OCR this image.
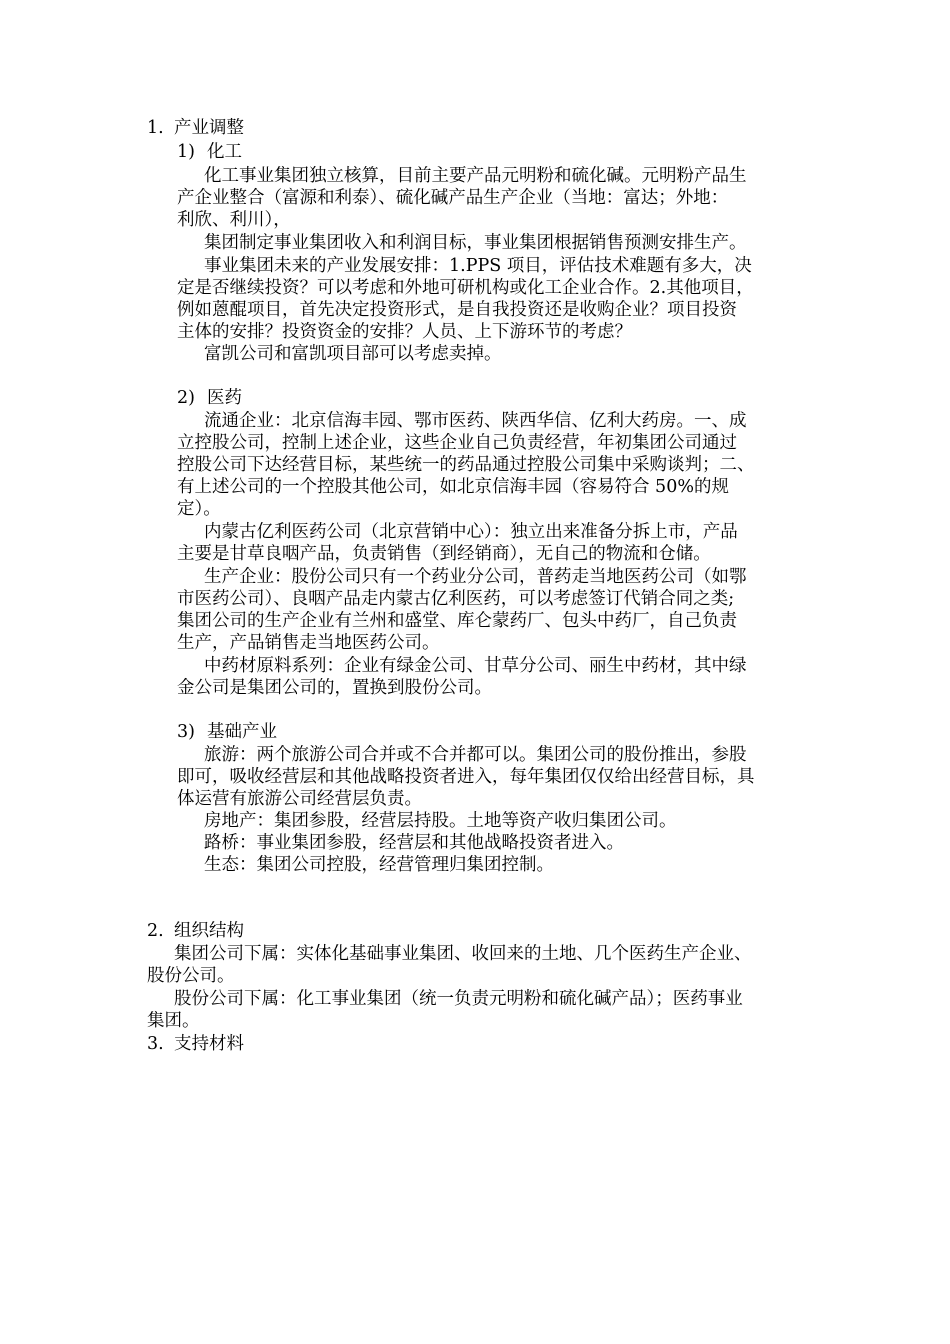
1. 产业调整
1) 化工
化工事业集团独立核算，目前主要产品元明粉和硫化碱。元明粉产品生
产企业整合（富源和利泰）、硫化碱产品生产企业（当地：富达；外地：
利欣、利川），
集团制定事业集团收入和利润目标，事业集团根据销售预测安排生产。
事业集团未来的产业发展安排：1.PPS 项目，评估技术难题有多大，决
定是否继续投资？可以考虑和外地可研机构或化工企业合作。2.其他项目，
例如蒽醌项目，首先决定投资形式，是自我投资还是收购企业？项目投资
主体的安排？投资资金的安排？人员、上下游环节的考虑？
富凯公司和富凯项目部可以考虑卖掉。
2) 医药
流通企业：北京信海丰园、鄂市医药、陕西华信、亿利大药房。一、成
立控股公司，控制上述企业，这些企业自己负责经营，年初集团公司通过
控股公司下达经营目标，某些统一的药品通过控股公司集中采购谈判；二、
有上述公司的一个控股其他公司，如北京信海丰园（容易符合 50%的规
定）。
内蒙古亿利医药公司（北京营销中心）：独立出来准备分拆上市，产品
主要是甘草良咽产品，负责销售（到经销商），无自己的物流和仓储。
生产企业：股份公司只有一个药业分公司，普药走当地医药公司（如鄂
市医药公司）、良咽产品走内蒙古亿利医药，可以考虑签订代销合同之类;
集团公司的生产企业有兰州和盛堂、库仑蒙药厂、包头中药厂，自己负责
生产，产品销售走当地医药公司。
中药材原料系列：企业有绿金公司、甘草分公司、丽生中药材，其中绿
金公司是集团公司的，置换到股份公司。
3) 基础产业
旅游：两个旅游公司合并或不合并都可以。集团公司的股份推出，参股
即可，吸收经营层和其他战略投资者进入，每年集团仅仅给出经营目标，具
体运营有旅游公司经营层负责。
房地产：集团参股，经营层持股。土地等资产收归集团公司。
路桥：事业集团参股，经营层和其他战略投资者进入。
生态：集团公司控股，经营管理归集团控制。
2. 组织结构
集团公司下属：实体化基础事业集团、收回来的土地、几个医药生产企业、
股份公司。
股份公司下属：化工事业集团（统一负责元明粉和硫化碱产品）；医药事业
集团。
3. 支持材料
